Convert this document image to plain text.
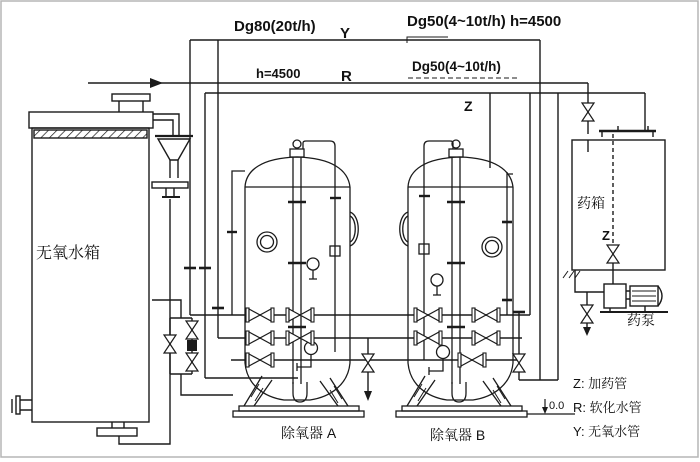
Dg80(20t/h) Y
Dg50(4~10t/h) h=4500
h=4500	R
Dg50(4~10t/h)
Z
无氧水箱
除氧器 A	除氧器 B
药箱
药泵
Z
0.0
Z: 加药管
R: 软化水管
Y: 无氧水管
